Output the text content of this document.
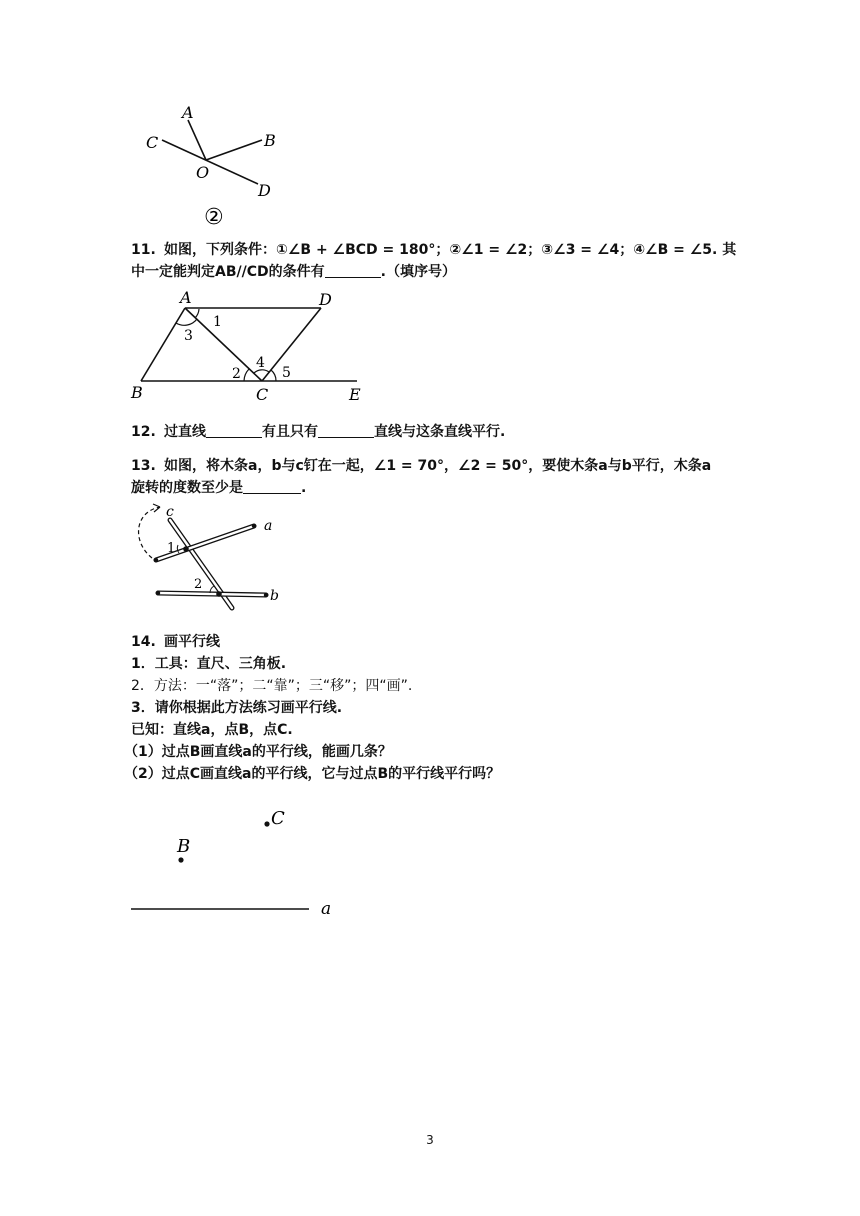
A
B
C
D
O
②
11. 如图，下列条件：①∠B + ∠BCD = 180°；②∠1 = ∠2；③∠3 = ∠4；④∠B = ∠5. 其
中一定能判定AB//CD的条件有	.（填序号）
A	D
B	C	E
1
3
2
4
5
12. 过直线	有且只有	直线与这条直线平行.
13. 如图，将木条a，b与c钉在一起，∠1 = 70°，∠2 = 50°，要使木条a与b平行，木条a
旋转的度数至少是	.
c
a
b
1
2
14. 画平行线
1．工具：直尺、三角板.
2．方法：一“落”；二“靠”；三“移”；四“画”.
3．请你根据此方法练习画平行线.
已知：直线a，点B，点C.
（1）过点B画直线a的平行线，能画几条？
（2）过点C画直线a的平行线，它与过点B的平行线平行吗？
C
B
a
3
